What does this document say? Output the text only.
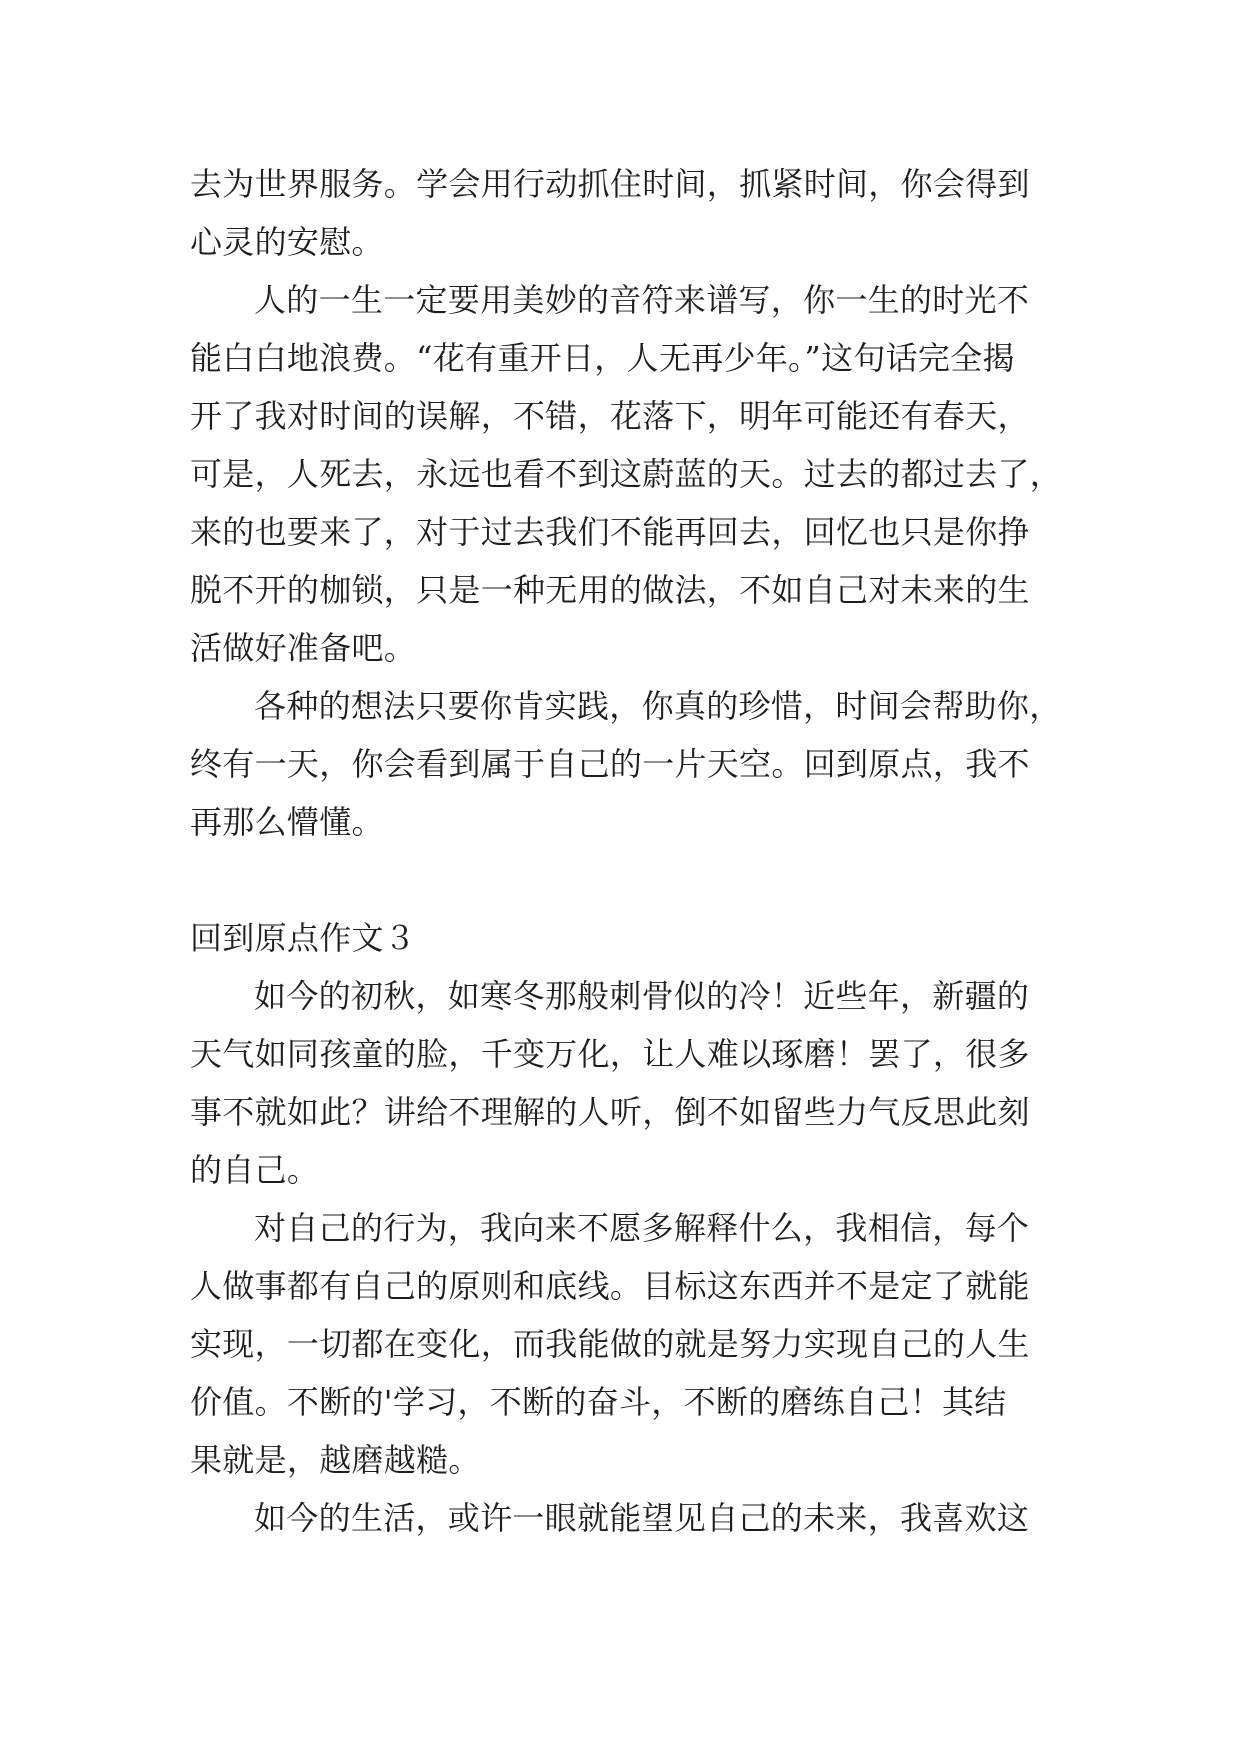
去为世界服务。学会用行动抓住时间，抓紧时间，你会得到
心灵的安慰。
人的一生一定要用美妙的音符来谱写，你一生的时光不
能白白地浪费。“花有重开日，人无再少年。”这句话完全揭
开了我对时间的误解，不错，花落下，明年可能还有春天，
可是，人死去，永远也看不到这蔚蓝的天。过去的都过去了，
来的也要来了，对于过去我们不能再回去，回忆也只是你挣
脱不开的枷锁，只是一种无用的做法，不如自己对未来的生
活做好准备吧。
各种的想法只要你肯实践，你真的珍惜，时间会帮助你，
终有一天，你会看到属于自己的一片天空。回到原点，我不
再那么懵懂。
回到原点作文３
如今的初秋，如寒冬那般刺骨似的冷！近些年，新疆的
天气如同孩童的脸，千变万化，让人难以琢磨！罢了，很多
事不就如此？讲给不理解的人听，倒不如留些力气反思此刻
的自己。
对自己的行为，我向来不愿多解释什么，我相信，每个
人做事都有自己的原则和底线。目标这东西并不是定了就能
实现，一切都在变化，而我能做的就是努力实现自己的人生
价值。不断的'学习，不断的奋斗，不断的磨练自己！其结
果就是，越磨越糙。
如今的生活，或许一眼就能望见自己的未来，我喜欢这
